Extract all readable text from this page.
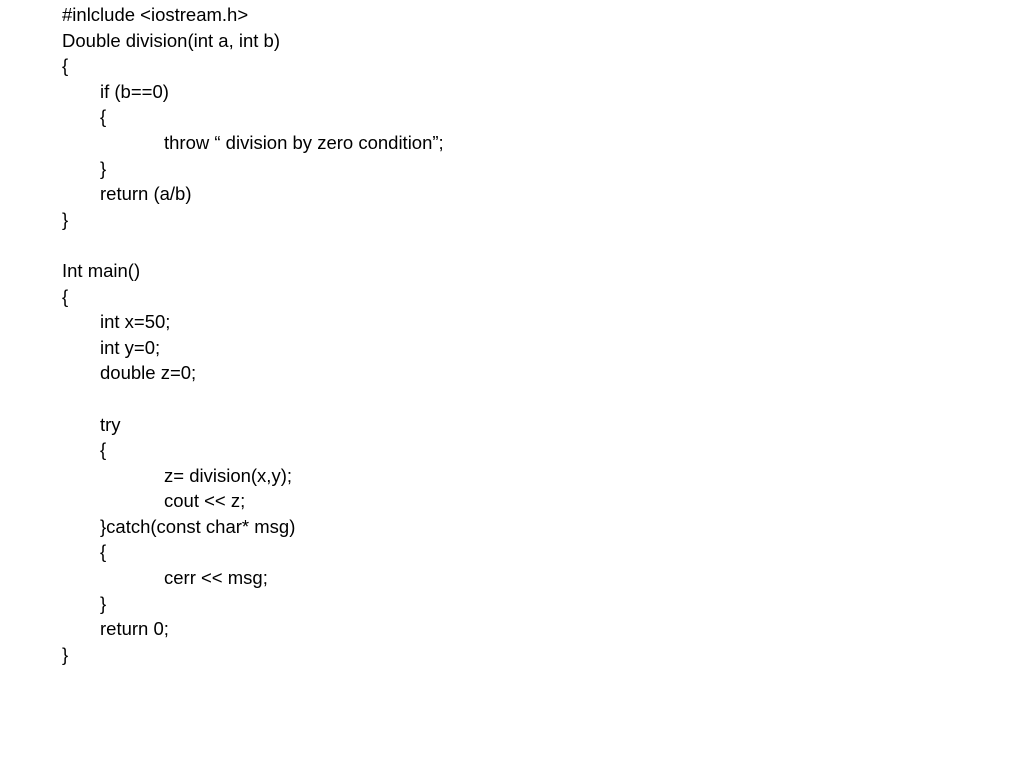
#inlclude <iostream.h>
Double division(int a, int b)
{
if (b==0)
{
throw “ division by zero condition”;
}
return (a/b)
}
Int main()
{
int x=50;
int y=0;
double z=0;
try
{
z= division(x,y);
cout << z;
}catch(const char* msg)
{
cerr << msg;
}
return 0;
}
